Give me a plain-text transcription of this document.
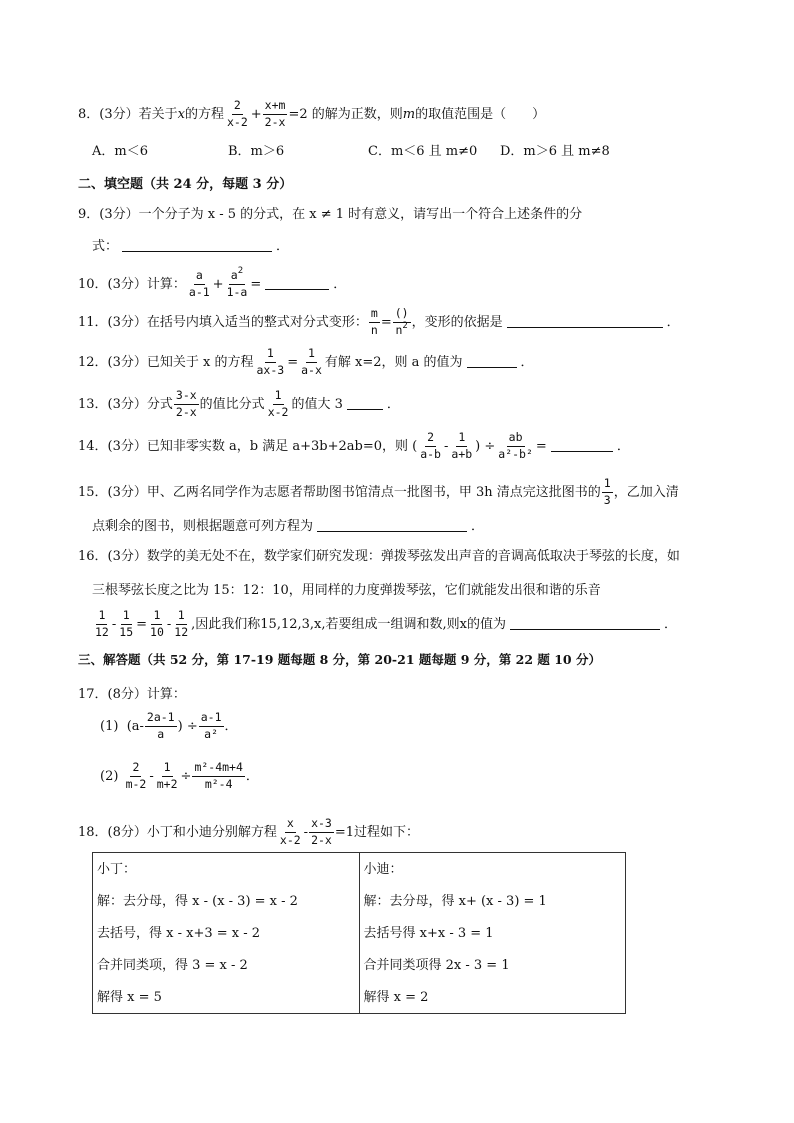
8．(3分）若关于 x 的方程
2
$x-2 + \frac{x+m}{2-x} =2$ 的解为正数，则 m 的取值范围是（　　）
A．m＜6	B．m＞6	C．m＜6 且 m≠0	D．m＞6 且 m≠8
二、填空题（共 24 分，每题 3 分）
9．(3分）一个分子为 x - 5 的分式，在 x ≠ 1 时有意义，请写出一个符合上述条件的分
式：	．
10．(3分）计算：
a
$a-1 + \frac{a^2}{1-a}$ =	．
11．(3分）在括号内填入适当的整式对分式变形： $\frac{m}{n}$ =
()
$n^2$ ，变形的依据是	．
12．(3分）已知关于 x 的方程 $\frac{1}{ax-3} = \frac{1}{a-x}$ 有解 x=2，则 a 的值为	．
13．(3分）分式
3-x
2-x 的值比分式
1
x-2 的值大 3	．
14．(3分）已知非零实数 a，b 满足 a+3b+2ab=0，则 (
2
a-b -
1
a+b ) ÷ $\frac{ab}{\text{a²-b²}}$ =	．
15．(3分）甲、乙两名同学作为志愿者帮助图书馆清点一批图书，甲 3h 清点完这批图书的
1
3 ，乙加入清
点剩余的图书，则根据题意可列方程为	．
16．(3分）数学的美无处不在，数学家们研究发现：弹拨琴弦发出声音的音调高低取决于琴弦的长度，如
三根琴弦长度之比为 15：12：10，用同样的力度弹拨琴弦，它们就能发出很和谐的乐音
1
$12 - \frac{1}{15} = \frac{1}{10}$ -
1
12 ,因此我们称15,12,3,x,若要组成一组调和数,则x的值为	．
三、解答题（共 52 分，第 17-19 题每题 8 分，第 20-21 题每题 9 分，第 22 题 10 分）
17．(8分）计算：
(1)
(a-
2a-1
a ) ÷ $\frac{a-1}{\text{a²}}$ ．
(2)

2
$m-2 - \frac{1}{m+2} \div \frac{\text{m²-4m+4}}{\text{m²-4}}$ ．
18．(8分）小丁和小迪分别解方程
x
$x-2 - \frac{x-3}{2-x} =1$过程如下：
小丁：
解：去分母，得 x - (x - 3) = x - 2
去括号，得 x - x+3 = x - 2
合并同类项，得 3 = x - 2
解得 x = 5

小迪：
解：去分母，得 x+ (x - 3) = 1
去括号得 x+x - 3 = 1
合并同类项得 2x - 3 = 1
解得 x = 2
